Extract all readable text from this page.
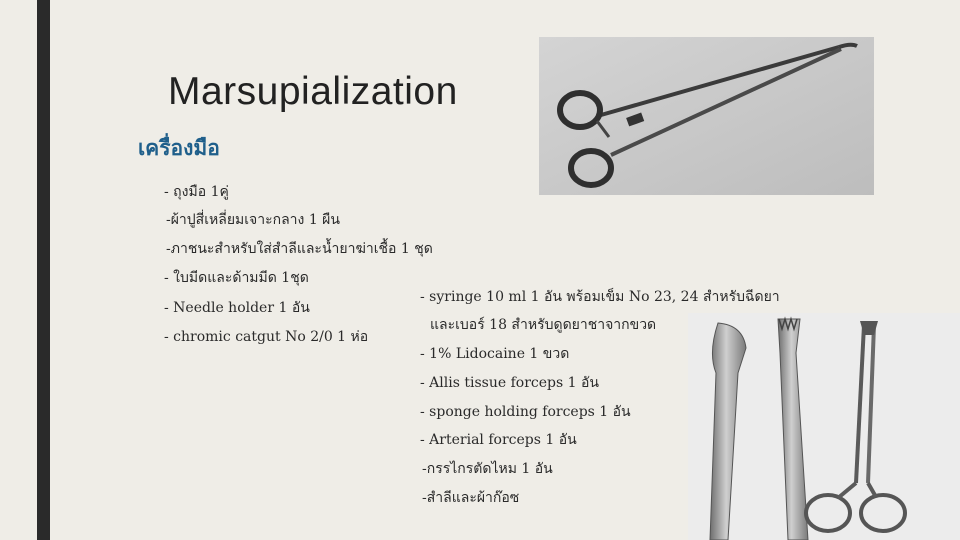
Marsupialization
เครื่องมือ
- ถุงมือ 1คู่
-ผ้าปูสี่เหลี่ยมเจาะกลาง 1 ผืน
-ภาชนะสำหรับใส่สำลีและน้ำยาฆ่าเชื้อ 1 ชุด
- ใบมีดและด้ามมีด 1ชุด
- Needle holder 1 อัน
- chromic catgut No 2/0 1 ห่อ
- syringe 10 ml 1 อัน พร้อมเข็ม No 23, 24 สำหรับฉีดยา
และเบอร์ 18 สำหรับดูดยาชาจากขวด
- 1% Lidocaine 1 ขวด
- Allis tissue forceps 1 อัน
- sponge holding forceps 1 อัน
- Arterial forceps 1 อัน
-กรรไกรตัดไหม 1 อัน
-สำลีและผ้าก๊อซ
